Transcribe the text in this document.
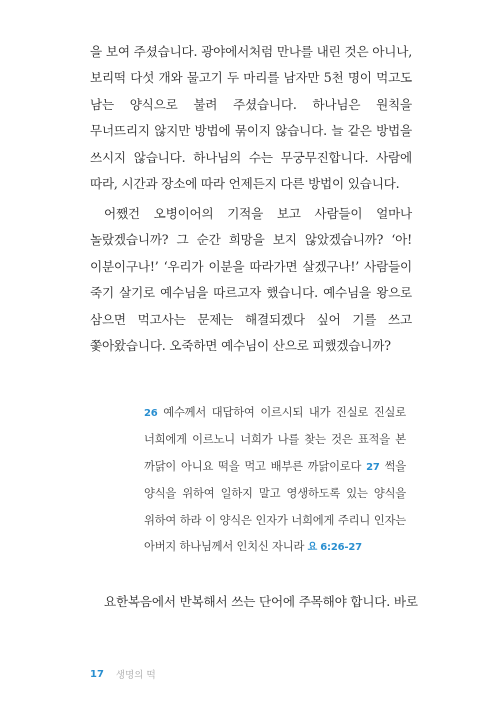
을 보여 주셨습니다. 광야에서처럼 만나를 내린 것은 아니나, 보리떡 다섯 개와 물고기 두 마리를 남자만 5천 명이 먹고도 남는 양식으로 불려 주셨습니다. 하나님은 원칙을 무너뜨리지 않지만 방법에 묶이지 않습니다. 늘 같은 방법을 쓰시지 않습니다. 하나님의 수는 무궁무진합니다. 사람에 따라, 시간과 장소에 따라 언제든지 다른 방법이 있습니다.

어쨌건 오병이어의 기적을 보고 사람들이 얼마나 놀랐겠습니까? 그 순간 희망을 보지 않았겠습니까? ‘아! 이분이구나!’ ‘우리가 이분을 따라가면 살겠구나!’ 사람들이 죽기 살기로 예수님을 따르고자 했습니다. 예수님을 왕으로 삼으면 먹고사는 문제는 해결되겠다 싶어 기를 쓰고 쫓아왔습니다. 오죽하면 예수님이 산으로 피했겠습니까?

26 예수께서 대답하여 이르시되 내가 진실로 진실로 너희에게 이르노니 너희가 나를 찾는 것은 표적을 본 까닭이 아니요 떡을 먹고 배부른 까닭이로다 27 썩을 양식을 위하여 일하지 말고 영생하도록 있는 양식을 위하여 하라 이 양식은 인자가 너희에게 주리니 인자는 아버지 하나님께서 인치신 자니라 요 6:26-27
요한복음에서 반복해서 쓰는 단어에 주목해야 합니다. 바로
17 생명의 떡
